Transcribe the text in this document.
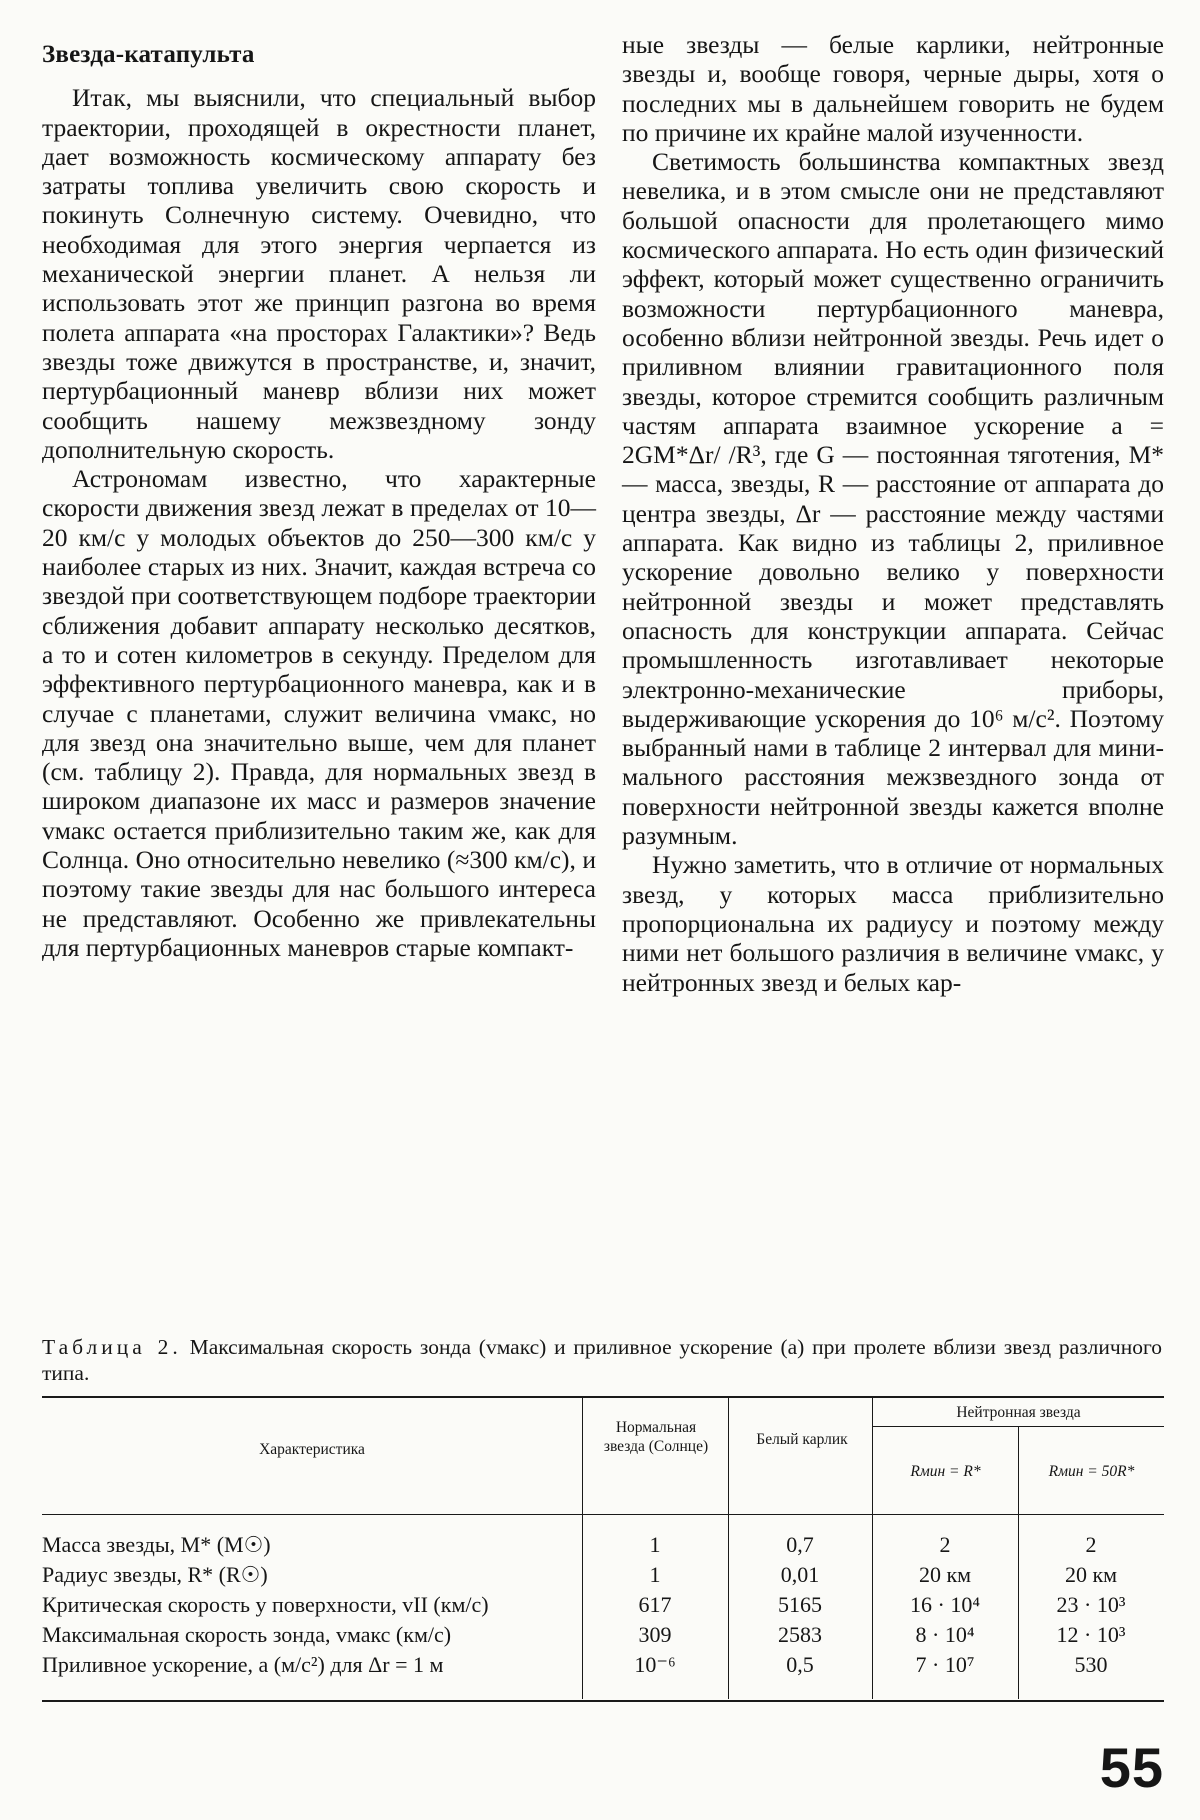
Звезда-катапульта

Итак, мы выяснили, что специальный выбор траектории, проходящей в окрестности планет, дает возможность космическому аппарату без затраты топлива увеличить свою скорость и покинуть Солнечную систему. Очевидно, что необходимая для этого энергия черпается из механической энергии планет. А нельзя ли использовать этот же принцип разгона во время полета аппарата «на просторах Галактики»? Ведь звезды тоже движутся в пространстве, и, значит, пертурбационный маневр вблизи них может сообщить нашему межзвездному зонду дополнительную скорость.

Астрономам известно, что характерные скорости движения звезд лежат в пределах от 10—20 км/с у молодых объектов до 250—300 км/с у наиболее старых из них. Значит, каждая встреча со звездой при соответствующем подборе траектории сближения добавит аппарату несколько десятков, а то и сотен километров в секунду. Пределом для эффективного пертурбационного маневра, как и в случае с планетами, служит величина vмакс, но для звезд она значительно выше, чем для планет (см. таблицу 2). Правда, для нормальных звезд в широком диапазоне их масс и размеров значение vмакс остается приблизительно таким же, как для Солнца. Оно относительно невелико (≈300 км/с), и поэтому такие звезды для нас большого интереса не представляют. Особенно же привлекательны для пертурбационных маневров старые компакт-

ные звезды — белые карлики, нейтронные звезды и, вообще говоря, черные дыры, хотя о последних мы в дальнейшем говорить не будем по причине их крайне малой изученности.

Светимость большинства компактных звезд невелика, и в этом смысле они не представляют большой опасности для пролетающего мимо космического аппарата. Но есть один физический эффект, который может существенно ограничить возможности пертурбационного маневра, особенно вблизи нейтронной звезды. Речь идет о приливном влиянии гравитационного поля звезды, которое стремится сообщить различным частям аппарата взаимное ускорение a = 2GM*Δr/ /R³, где G — постоянная тяготения, M* — масса, звезды, R — расстояние от аппарата до центра звезды, Δr — расстояние между частями аппарата. Как видно из таблицы 2, приливное ускорение довольно велико у поверхности нейтронной звезды и может представлять опасность для конструкции аппарата. Сейчас промышленность изготавливает некоторые электронно-механические приборы, выдерживающие ускорения до 10⁶ м/с². Поэтому выбранный нами в таблице 2 интервал для минимального расстояния межзвездного зонда от поверхности нейтронной звезды кажется вполне разумным.

Нужно заметить, что в отличие от нормальных звезд, у которых масса приблизительно пропорциональна их радиусу и поэтому между ними нет большого различия в величине vмакс, у нейтронных звезд и белых кар-

Таблица 2. Максимальная скорость зонда (vмакс) и приливное ускорение (a) при пролете вблизи звезд различного типа.
Характеристика
Нормальная звезда (Солнце)	Белый карлик
Нейтронная звезда
Rмин = R*	Rмин = 50R*
Масса звезды, M* (M☉)	1	0,7	2	2
Радиус звезды, R* (R☉)	1	0,01	20 км	20 км
Критическая скорость у поверхности, vII (км/с)	617	5165	16 · 10⁴	23 · 10³
Максимальная скорость зонда, vмакс (км/с)	309	2583	8 · 10⁴	12 · 10³
Приливное ускорение, a (м/с²) для Δr = 1 м	10⁻⁶	0,5	7 · 10⁷	530
55
